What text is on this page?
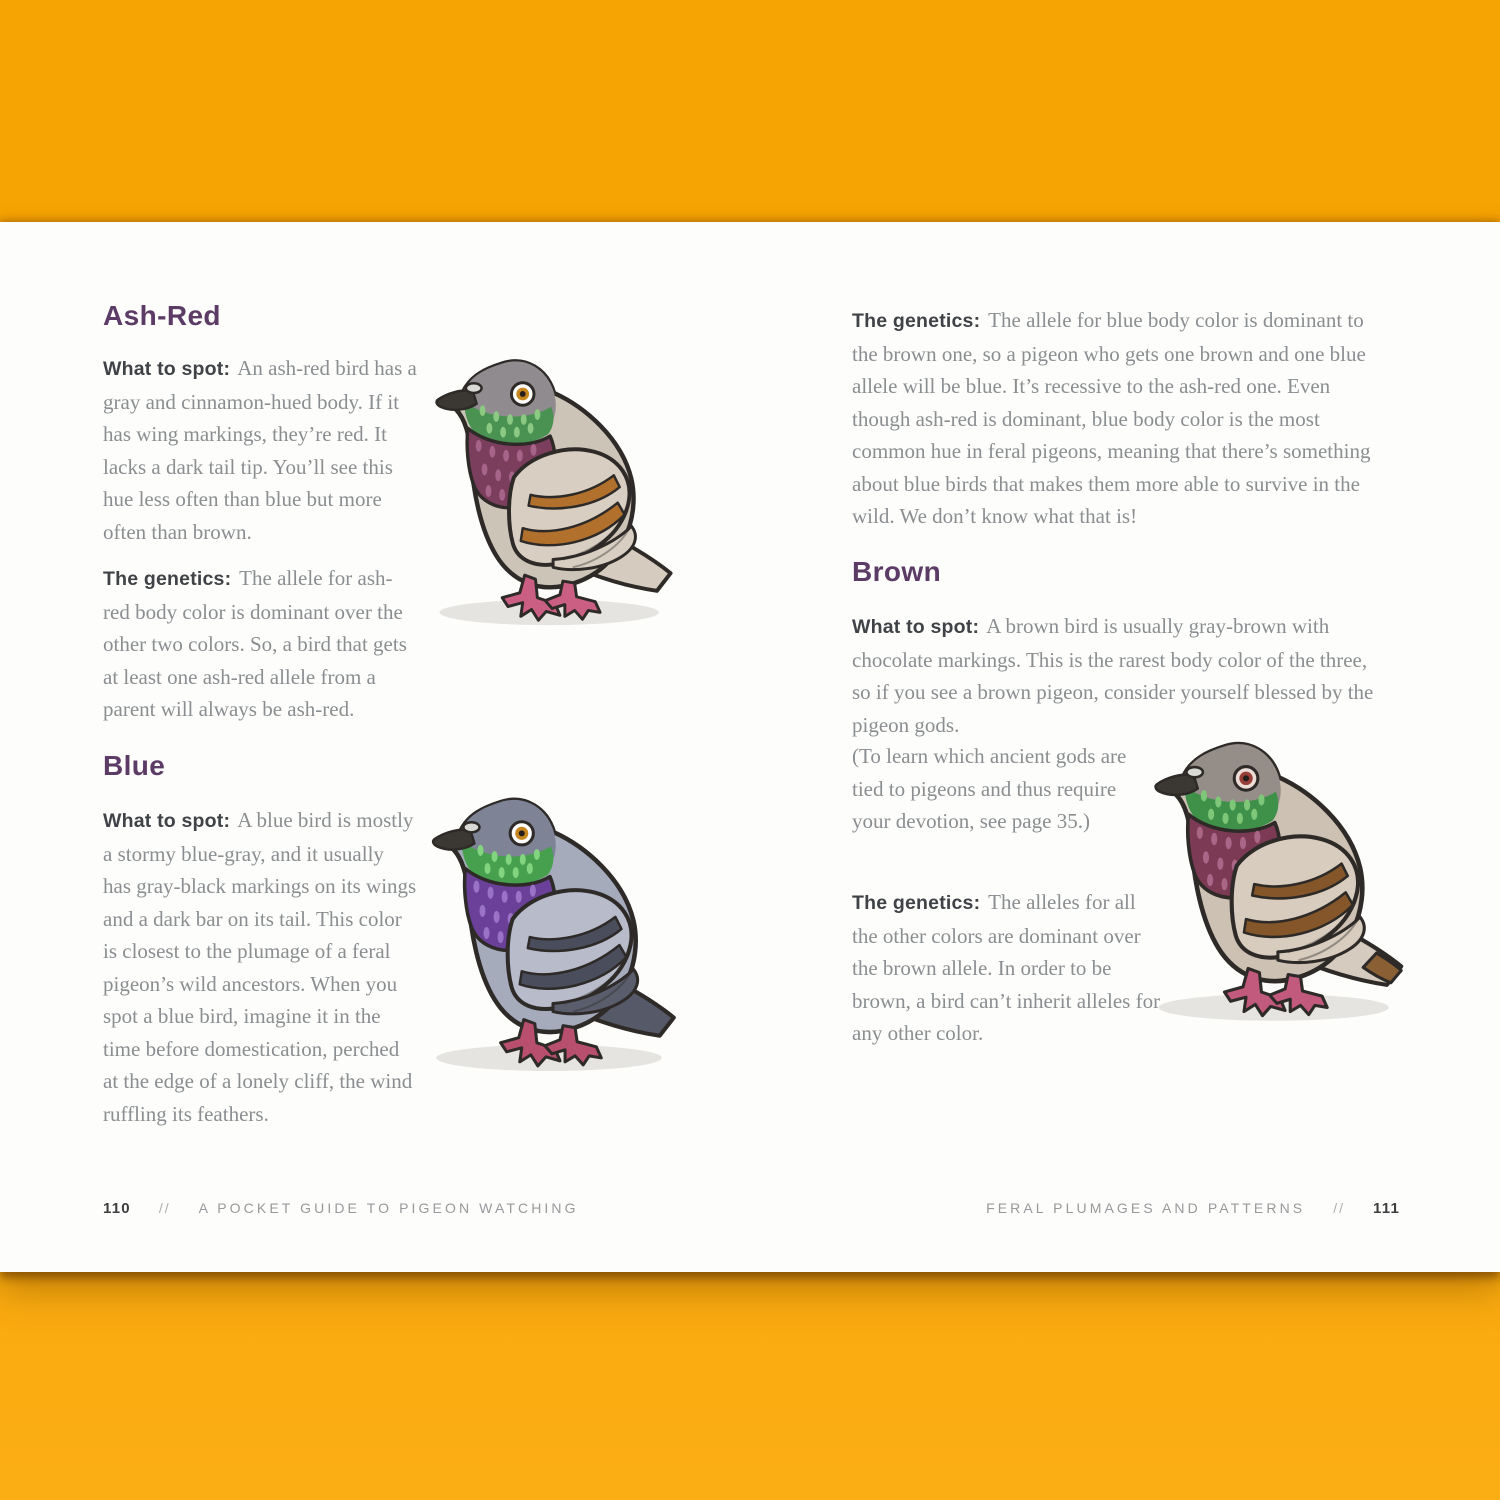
Ash-Red

What to spot: An ash-red bird has a gray and cinnamon-hued body. If it has wing markings, they’re red. It lacks a dark tail tip. You’ll see this hue less often than blue but more often than brown.

The genetics: The allele for ash-red body color is dominant over the other two colors. So, a bird that gets at least one ash-red allele from a parent will always be ash-red.

Blue

What to spot: A blue bird is mostly a stormy blue-gray, and it usually has gray-black markings on its wings and a dark bar on its tail. This color is closest to the plumage of a feral pigeon’s wild ancestors. When you spot a blue bird, imagine it in the time before domestication, perched at the edge of a lonely cliff, the wind ruffling its feathers.

110 // A POCKET GUIDE TO PIGEON WATCHING

The genetics: The allele for blue body color is dominant to the brown one, so a pigeon who gets one brown and one blue allele will be blue. It’s recessive to the ash-red one. Even though ash-red is dominant, blue body color is the most common hue in feral pigeons, meaning that there’s something about blue birds that makes them more able to survive in the wild. We don’t know what that is!

Brown

What to spot: A brown bird is usually gray-brown with chocolate markings. This is the rarest body color of the three, so if you see a brown pigeon, consider yourself blessed by the pigeon gods.

(To learn which ancient gods are tied to pigeons and thus require your devotion, see page 35.)

The genetics: The alleles for all the other colors are dominant over the brown allele. In order to be brown, a bird can’t inherit alleles for any other color.

FERAL PLUMAGES AND PATTERNS // 111
